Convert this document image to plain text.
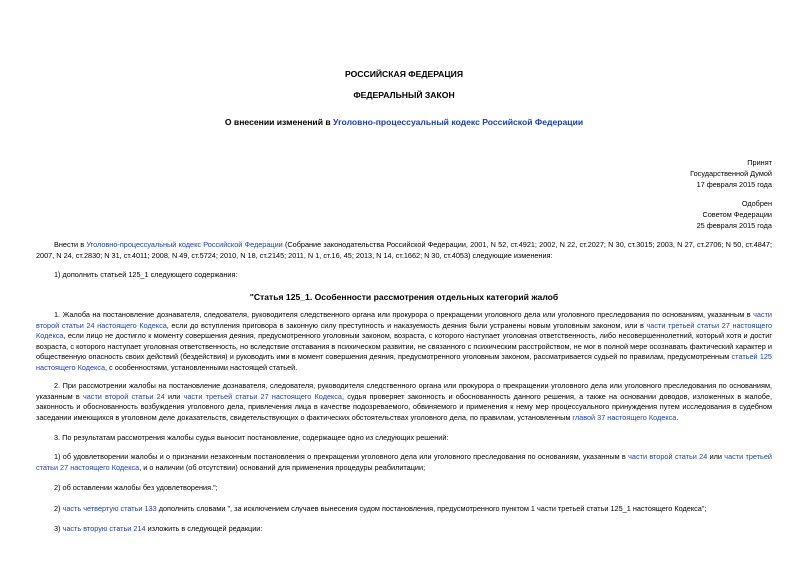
РОССИЙСКАЯ ФЕДЕРАЦИЯ
ФЕДЕРАЛЬНЫЙ ЗАКОН
О внесении изменений в Уголовно-процессуальный кодекс Российской Федерации
Принят
Государственной Думой
17 февраля 2015 года
Одобрен
Советом Федерации
25 февраля 2015 года
Внести в Уголовно-процессуальный кодекс Российской Федерации (Собрание законодательства Российской Федерации, 2001, N 52, ст.4921; 2002, N 22, ст.2027; N 30, ст.3015; 2003, N 27, ст.2706; N 50, ст.4847; 2007, N 24, ст.2830; N 31, ст.4011; 2008, N 49, ст.5724; 2010, N 18, ст.2145; 2011, N 1, ст.16, 45; 2013, N 14, ст.1662; N 30, ст.4053) следующие изменения:
1) дополнить статьей 125_1 следующего содержания:
"Статья 125_1. Особенности рассмотрения отдельных категорий жалоб
1. Жалоба на постановление дознавателя, следователя, руководителя следственного органа или прокурора о прекращении уголовного дела или уголовного преследования по основаниям, указанным в части второй статьи 24 настоящего Кодекса, если до вступления приговора в законную силу преступность и наказуемость деяния были устранены новым уголовным законом, или в части третьей статьи 27 настоящего Кодекса, если лицо не достигло к моменту совершения деяния, предусмотренного уголовным законом, возраста, с которого наступает уголовная ответственность, либо несовершеннолетний, который хотя и достиг возраста, с которого наступает уголовная ответственность, но вследствие отставания в психическом развитии, не связанного с психическим расстройством, не мог в полной мере осознавать фактический характер и общественную опасность своих действий (бездействия) и руководить ими в момент совершения деяния, предусмотренного уголовным законом, рассматривается судьей по правилам, предусмотренным статьей 125 настоящего Кодекса, с особенностями, установленными настоящей статьей.
2. При рассмотрении жалобы на постановление дознавателя, следователя, руководителя следственного органа или прокурора о прекращении уголовного дела или уголовного преследования по основаниям, указанным в части второй статьи 24 или части третьей статьи 27 настоящего Кодекса, судья проверяет законность и обоснованность данного решения, а также на основании доводов, изложенных в жалобе, законность и обоснованность возбуждения уголовного дела, привлечения лица в качестве подозреваемого, обвиняемого и применения к нему мер процессуального принуждения путем исследования в судебном заседании имеющихся в уголовном деле доказательств, свидетельствующих о фактических обстоятельствах уголовного дела, по правилам, установленным главой 37 настоящего Кодекса.
3. По результатам рассмотрения жалобы судья выносит постановление, содержащее одно из следующих решений:
1) об удовлетворении жалобы и о признании незаконным постановления о прекращении уголовного дела или уголовного преследования по основаниям, указанным в части второй статьи 24 или части третьей статьи 27 настоящего Кодекса, и о наличии (об отсутствии) оснований для применения процедуры реабилитации;
2) об оставлении жалобы без удовлетворения.";
2) часть четвертую статьи 133 дополнить словами ", за исключением случаев вынесения судом постановления, предусмотренного пунктом 1 части третьей статьи 125_1 настоящего Кодекса";
3) часть вторую статьи 214 изложить в следующей редакции:
